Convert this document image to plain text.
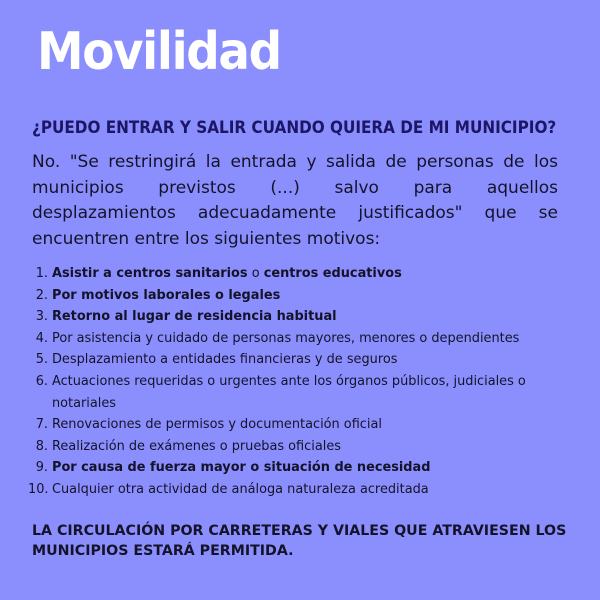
Movilidad
¿PUEDO ENTRAR Y SALIR CUANDO QUIERA DE MI MUNICIPIO?

No. "Se restringirá la entrada y salida de personas de los municipios previstos (...) salvo para aquellos desplazamientos adecuadamente justificados" que se encuentren entre los siguientes motivos:

1. Asistir a centros sanitarios o centros educativos
2. Por motivos laborales o legales
3. Retorno al lugar de residencia habitual
4. Por asistencia y cuidado de personas mayores, menores o dependientes
5. Desplazamiento a entidades financieras y de seguros
6. Actuaciones requeridas o urgentes ante los órganos públicos, judiciales o notariales
7. Renovaciones de permisos y documentación oficial
8. Realización de exámenes o pruebas oficiales
9. Por causa de fuerza mayor o situación de necesidad
10. Cualquier otra actividad de análoga naturaleza acreditada

LA CIRCULACIÓN POR CARRETERAS Y VIALES QUE ATRAVIESEN LOS MUNICIPIOS ESTARÁ PERMITIDA.
